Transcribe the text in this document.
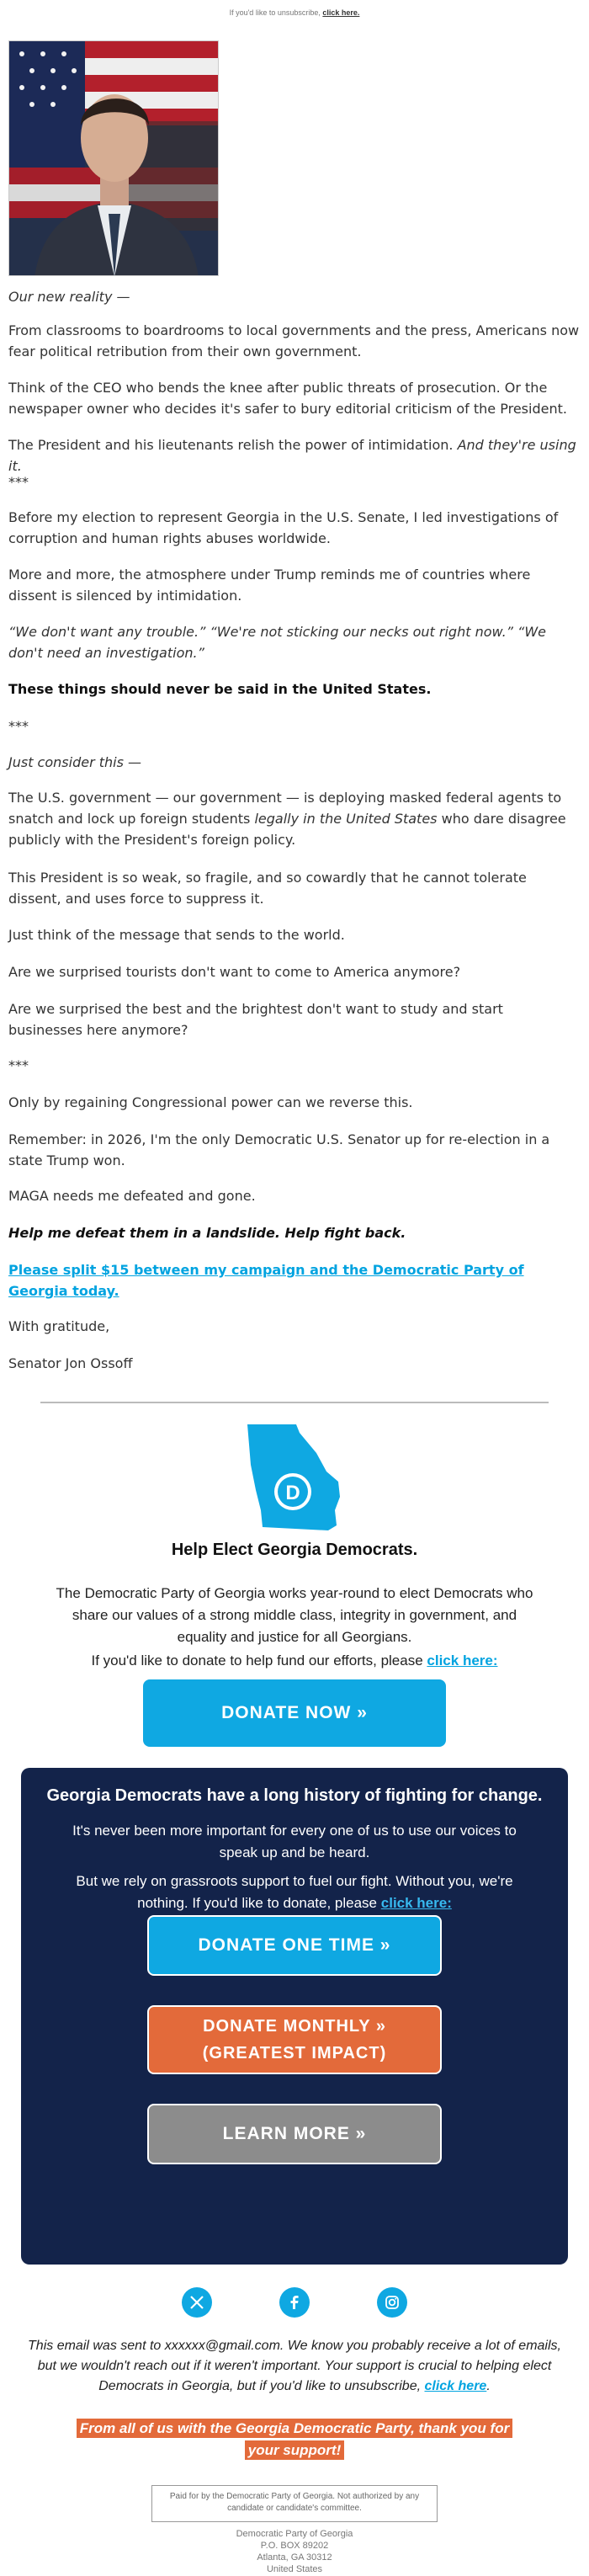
If you'd like to unsubscribe, click here.

Our new reality —

From classrooms to boardrooms to local governments and the press, Americans now fear political retribution from their own government.

Think of the CEO who bends the knee after public threats of prosecution. Or the newspaper owner who decides it's safer to bury editorial criticism of the President.

The President and his lieutenants relish the power of intimidation. And they're using it.

***

Before my election to represent Georgia in the U.S. Senate, I led investigations of corruption and human rights abuses worldwide.

More and more, the atmosphere under Trump reminds me of countries where dissent is silenced by intimidation.

“We don't want any trouble.” “We're not sticking our necks out right now.” “We don't need an investigation.”

These things should never be said in the United States.

***

Just consider this —

The U.S. government — our government — is deploying masked federal agents to snatch and lock up foreign students legally in the United States who dare disagree publicly with the President's foreign policy.

This President is so weak, so fragile, and so cowardly that he cannot tolerate dissent, and uses force to suppress it.

Just think of the message that sends to the world.

Are we surprised tourists don't want to come to America anymore?

Are we surprised the best and the brightest don't want to study and start businesses here anymore?

***

Only by regaining Congressional power can we reverse this.

Remember: in 2026, I'm the only Democratic U.S. Senator up for re-election in a state Trump won.

MAGA needs me defeated and gone.

Help me defeat them in a landslide. Help fight back.

Please split $15 between my campaign and the Democratic Party of Georgia today.

With gratitude,

Senator Jon Ossoff

D
Help Elect Georgia Democrats.
The Democratic Party of Georgia works year-round to elect Democrats who share our values of a strong middle class, integrity in government, and equality and justice for all Georgians.
If you'd like to donate to help fund our efforts, please click here:
DONATE NOW »
Georgia Democrats have a long history of fighting for change.
It's never been more important for every one of us to use our voices to speak up and be heard.
But we rely on grassroots support to fuel our fight. Without you, we're nothing. If you'd like to donate, please click here:
DONATE ONE TIME »
DONATE MONTHLY »
(GREATEST IMPACT)
LEARN MORE »
This email was sent to xxxxxx@gmail.com. We know you probably receive a lot of emails, but we wouldn't reach out if it weren't important. Your support is crucial to helping elect Democrats in Georgia, but if you'd like to unsubscribe, click here.
From all of us with the Georgia Democratic Party, thank you for your support!
Paid for by the Democratic Party of Georgia. Not authorized by any candidate or candidate's committee.
Democratic Party of Georgia
P.O. BOX 89202
Atlanta, GA 30312
United States
